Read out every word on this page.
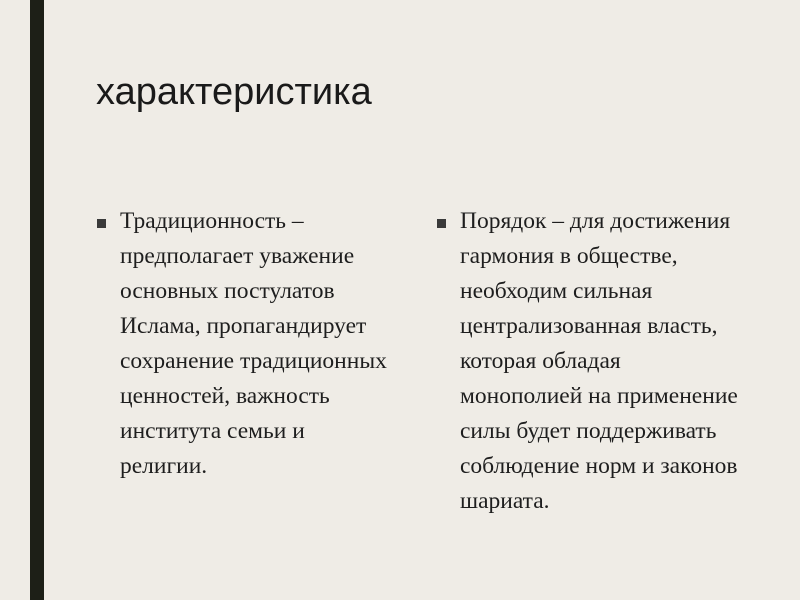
характеристика
Традиционность –
предполагает уважение
основных постулатов
Ислама, пропагандирует
сохранение традиционных
ценностей, важность
института семьи и
религии.
Порядок – для достижения
гармония в обществе,
необходим сильная
централизованная власть,
которая обладая
монополией на применение
силы будет поддерживать
соблюдение норм и законов
шариата.
